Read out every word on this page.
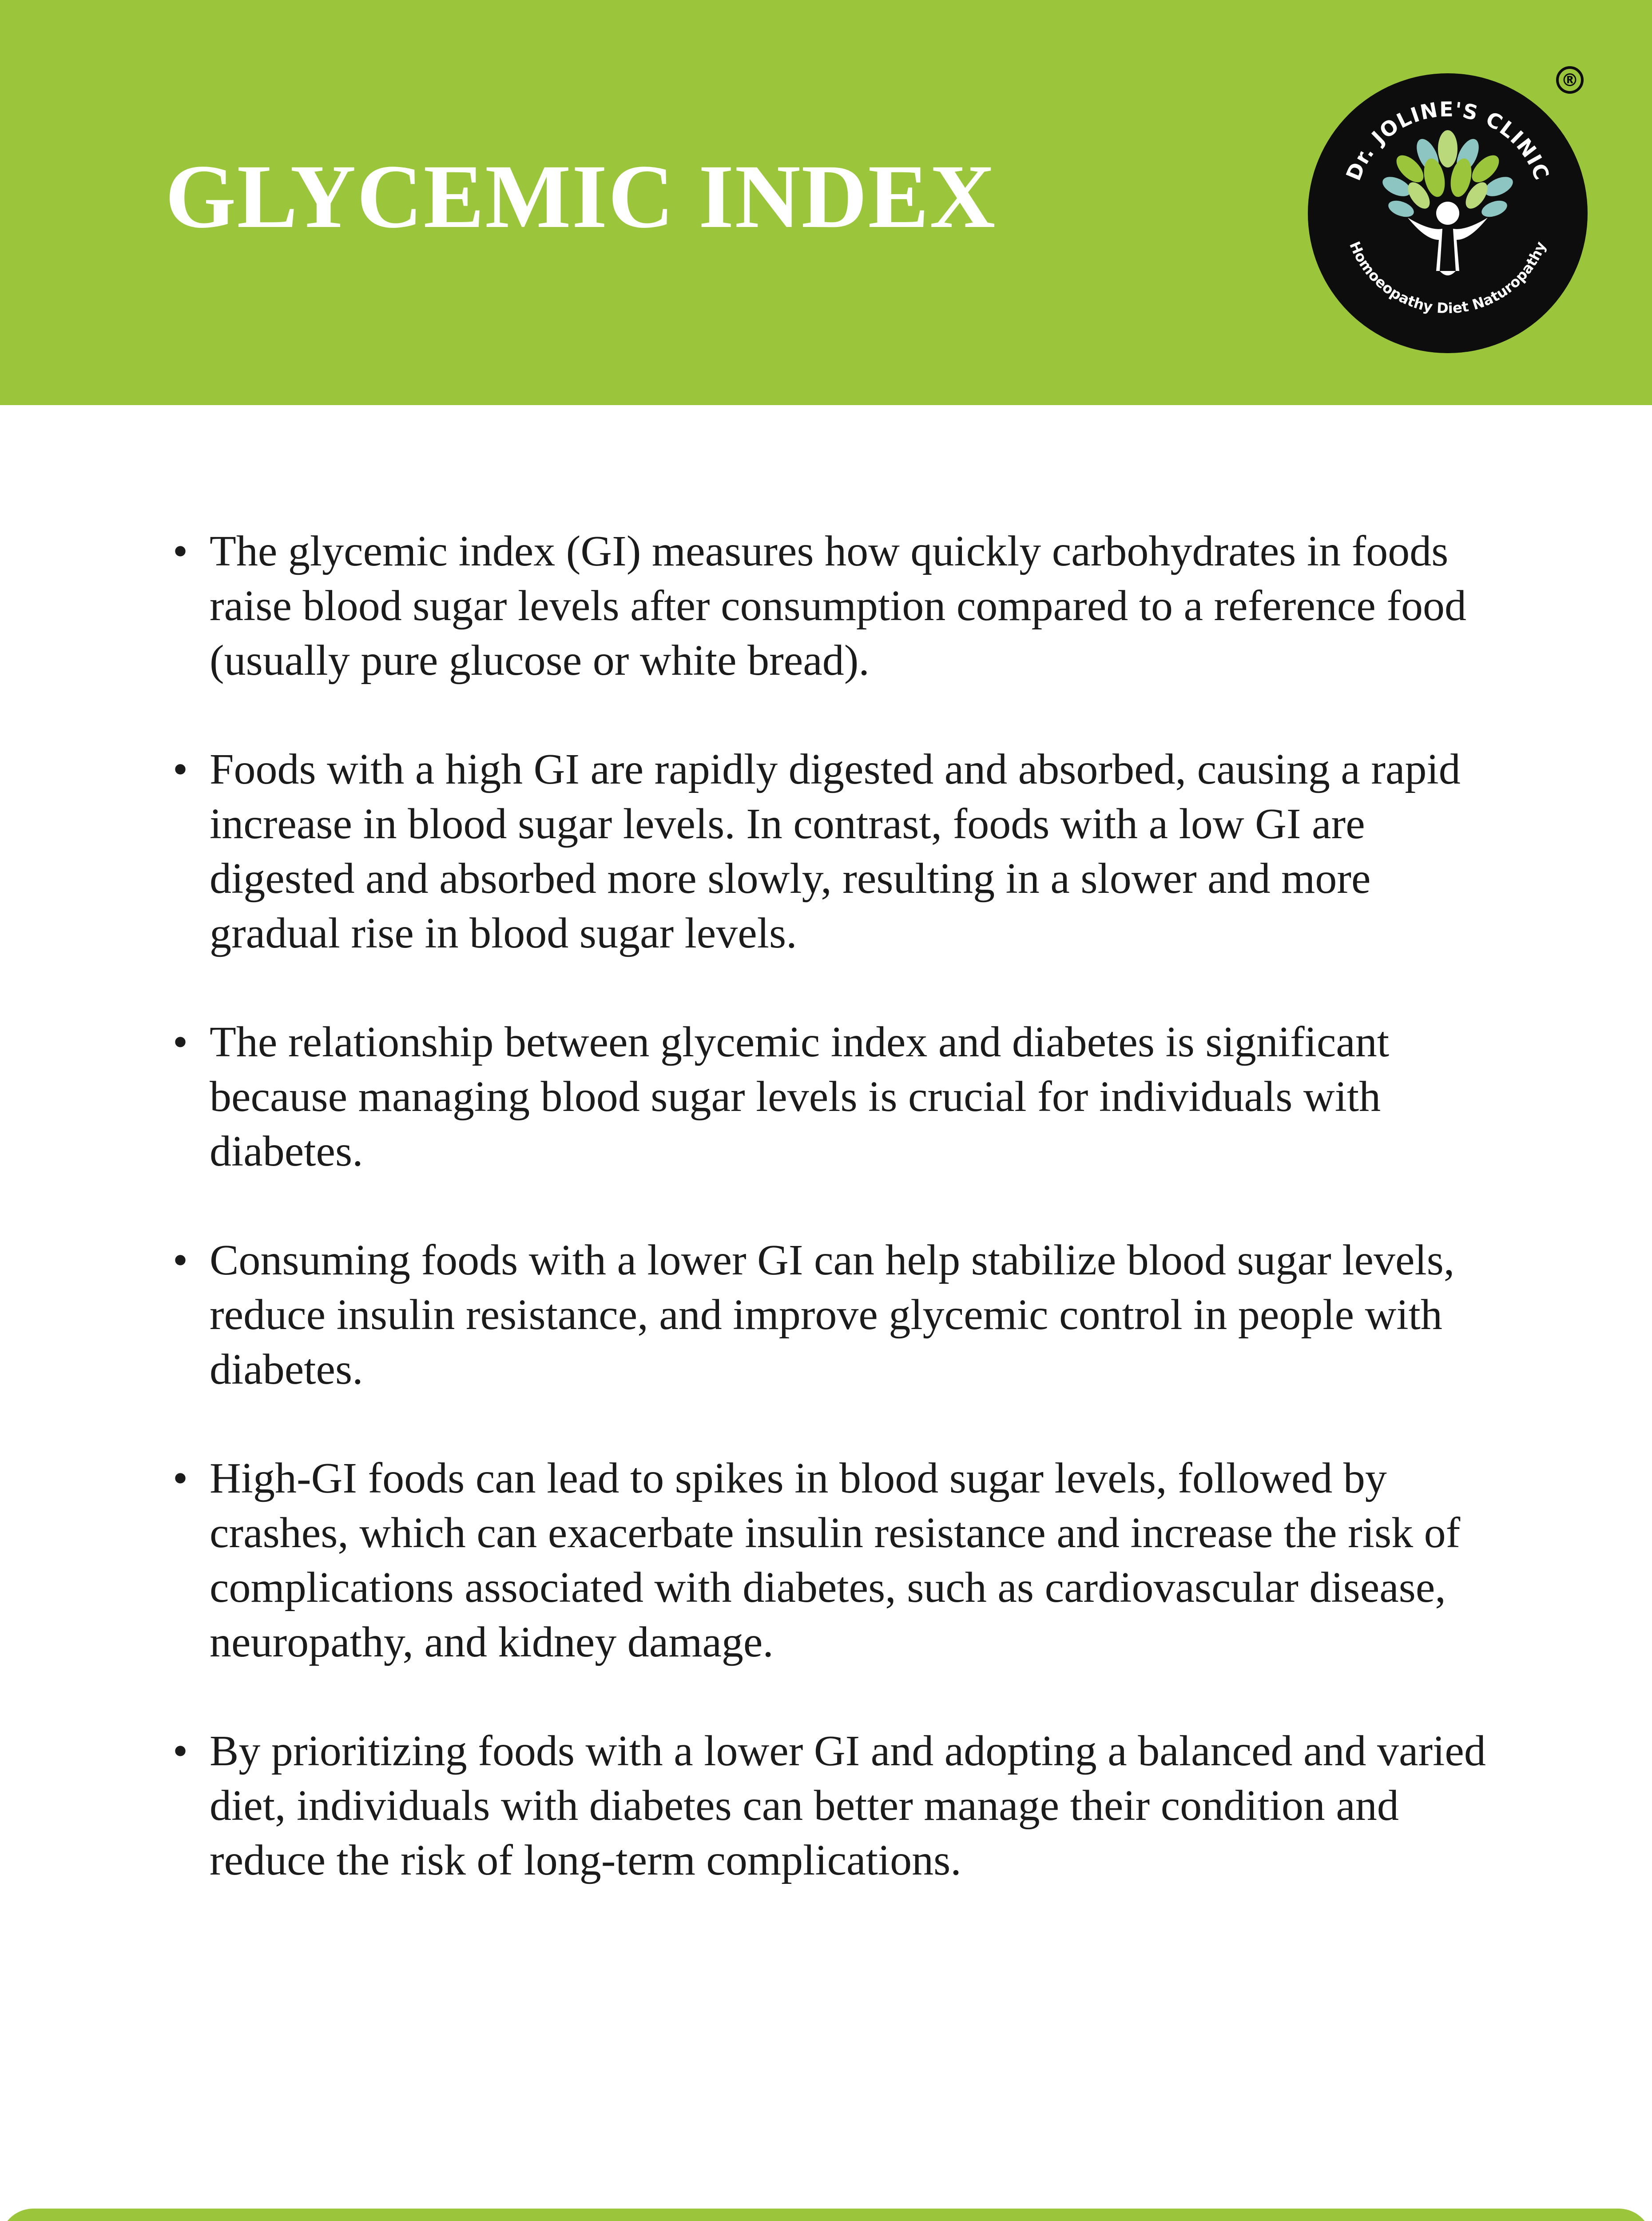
GLYCEMIC INDEX
®
Dr. JOLINE'S CLINIC
Homoeopathy Diet Naturopathy
• The glycemic index (GI) measures how quickly carbohydrates in foods raise blood sugar levels after consumption compared to a reference food (usually pure glucose or white bread).
• Foods with a high GI are rapidly digested and absorbed, causing a rapid increase in blood sugar levels. In contrast, foods with a low GI are digested and absorbed more slowly, resulting in a slower and more gradual rise in blood sugar levels.
• The relationship between glycemic index and diabetes is significant because managing blood sugar levels is crucial for individuals with diabetes.
• Consuming foods with a lower GI can help stabilize blood sugar levels, reduce insulin resistance, and improve glycemic control in people with diabetes.
• High-GI foods can lead to spikes in blood sugar levels, followed by crashes, which can exacerbate insulin resistance and increase the risk of complications associated with diabetes, such as cardiovascular disease, neuropathy, and kidney damage.
• By prioritizing foods with a lower GI and adopting a balanced and varied diet, individuals with diabetes can better manage their condition and reduce the risk of long-term complications.
